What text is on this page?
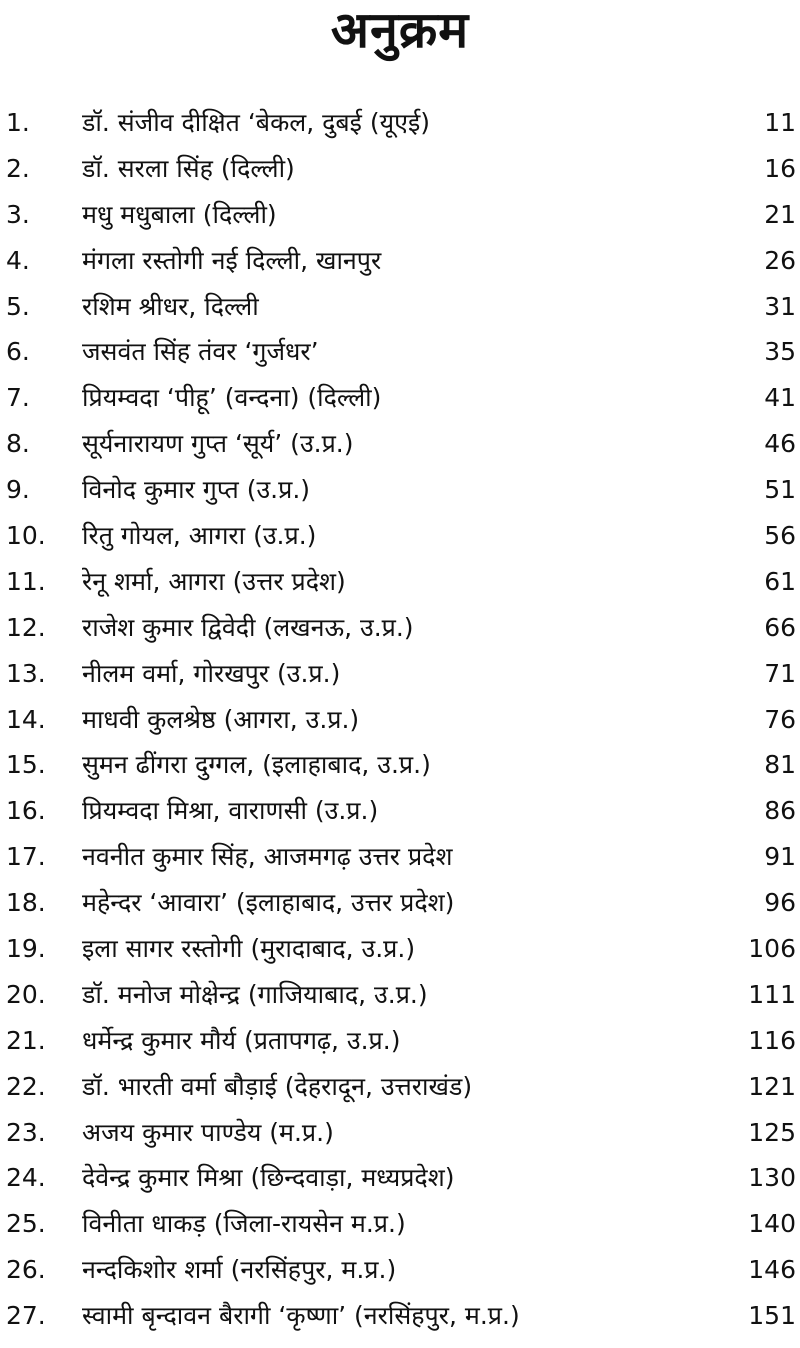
अनुक्रम
1.	डॉ. संजीव दीक्षित ‘बेकल, दुबई (यूएई)	11
2.	डॉ. सरला सिंह (दिल्ली)	16
3.	मधु मधुबाला (दिल्ली)	21
4.	मंगला रस्तोगी नई दिल्ली, खानपुर	26
5.	रशिम श्रीधर, दिल्ली	31
6.	जसवंत सिंह तंवर ‘गुर्जधर’	35
7.	प्रियम्वदा ‘पीहू’ (वन्दना) (दिल्ली)	41
8.	सूर्यनारायण गुप्त ‘सूर्य’ (उ.प्र.)	46
9.	विनोद कुमार गुप्त (उ.प्र.)	51
10.	रितु गोयल, आगरा (उ.प्र.)	56
11.	रेनू शर्मा, आगरा (उत्तर प्रदेश)	61
12.	राजेश कुमार द्विवेदी (लखनऊ, उ.प्र.)	66
13.	नीलम वर्मा, गोरखपुर (उ.प्र.)	71
14.	माधवी कुलश्रेष्ठ (आगरा, उ.प्र.)	76
15.	सुमन ढींगरा दुग्गल, (इलाहाबाद, उ.प्र.)	81
16.	प्रियम्वदा मिश्रा, वाराणसी (उ.प्र.)	86
17.	नवनीत कुमार सिंह, आजमगढ़ उत्तर प्रदेश	91
18.	महेन्दर ‘आवारा’ (इलाहाबाद, उत्तर प्रदेश)	96
19.	इला सागर रस्तोगी (मुरादाबाद, उ.प्र.)	106
20.	डॉ. मनोज मोक्षेन्द्र (गाजियाबाद, उ.प्र.)	111
21.	धर्मेन्द्र कुमार मौर्य (प्रतापगढ़, उ.प्र.)	116
22.	डॉ. भारती वर्मा बौड़ाई (देहरादून, उत्तराखंड)	121
23.	अजय कुमार पाण्डेय (म.प्र.)	125
24.	देवेन्द्र कुमार मिश्रा (छिन्दवाड़ा, मध्यप्रदेश)	130
25.	विनीता धाकड़ (जिला-रायसेन म.प्र.)	140
26.	नन्दकिशोर शर्मा (नरसिंहपुर, म.प्र.)	146
27.	स्वामी बृन्दावन बैरागी ‘कृष्णा’ (नरसिंहपुर, म.प्र.)	151
